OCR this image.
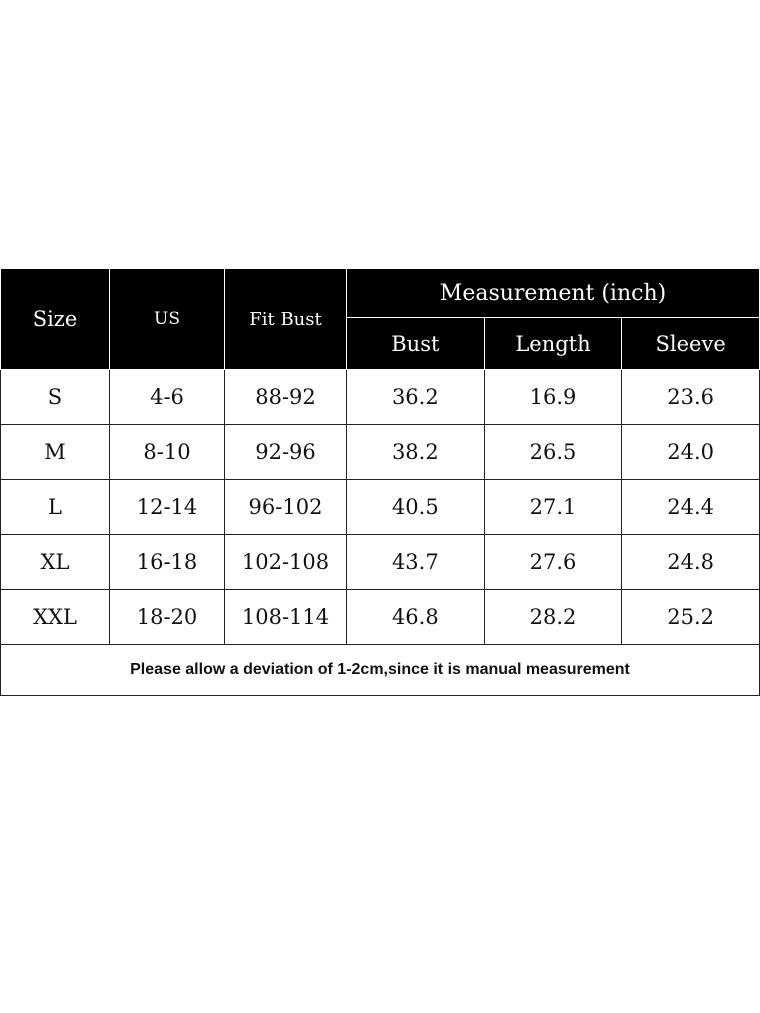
Size	US	Fit Bust	Measurement (inch)		
			Bust	Length	Sleeve
S	4-6	88-92	36.2	16.9	23.6
M	8-10	92-96	38.2	26.5	24.0
L	12-14	96-102	40.5	27.1	24.4
XL	16-18	102-108	43.7	27.6	24.8
XXL	18-20	108-114	46.8	28.2	25.2
Please allow a deviation of 1-2cm,since it is manual measurement					
